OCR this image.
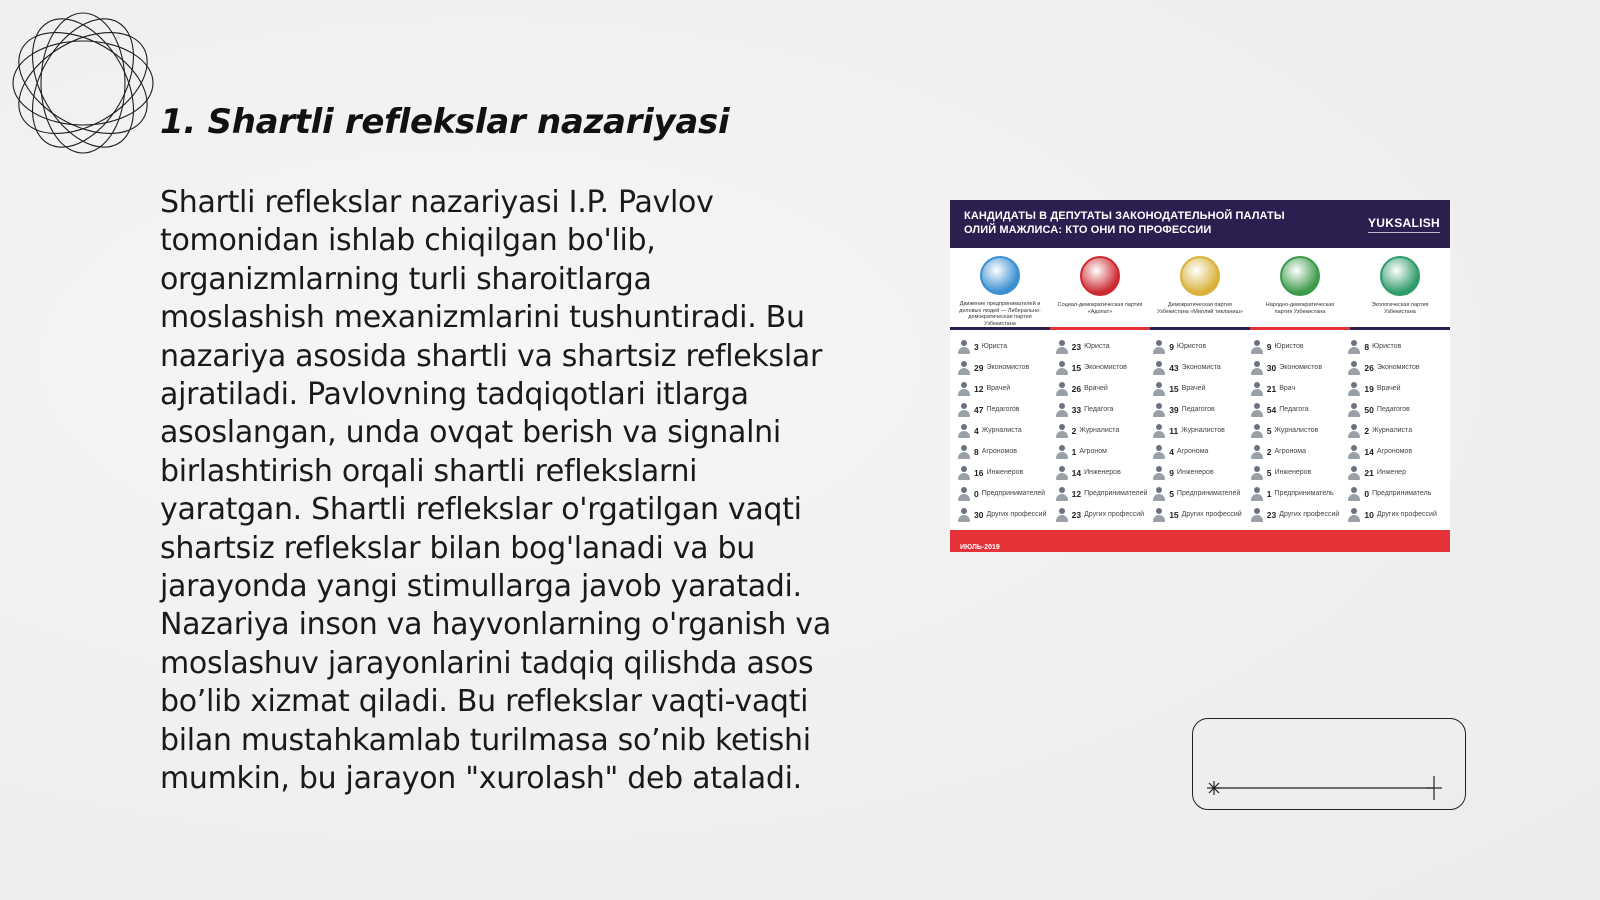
1. Shartli reflekslar nazariyasi
Shartli reflekslar nazariyasi I.P. Pavlov
tomonidan ishlab chiqilgan bo'lib,
organizmlarning turli sharoitlarga
moslashish mexanizmlarini tushuntiradi. Bu
nazariya asosida shartli va shartsiz reflekslar
ajratiladi. Pavlovning tadqiqotlari itlarga
asoslangan, unda ovqat berish va signalni
birlashtirish orqali shartli reflekslarni
yaratgan. Shartli reflekslar o'rgatilgan vaqti
shartsiz reflekslar bilan bog'lanadi va bu
jarayonda yangi stimullarga javob yaratadi.
Nazariya inson va hayvonlarning o'rganish va
moslashuv jarayonlarini tadqiq qilishda asos
bo’lib xizmat qiladi. Bu reflekslar vaqti-vaqti
bilan mustahkamlab turilmasa so’nib ketishi
mumkin, bu jarayon "xurolash" deb ataladi.
КАНДИДАТЫ В ДЕПУТАТЫ ЗАКОНОДАТЕЛЬНОЙ ПАЛАТЫ
ОЛИЙ МАЖЛИСА: КТО ОНИ ПО ПРОФЕССИИ	YUKSALISH
Движение предпринимателей и деловых людей — Либерально-демократическая партия Узбекистана
Социал-демократическая партия «Адолат»
Демократическая партия Узбекистана «Миллий тикланиш»
Народно-демократическая партия Узбекистана
Экологическая партия Узбекистана
3 Юриста
29 Экономистов
12 Врачей
47 Педагогов
4 Журналиста
8 Агрономов
16 Инженеров
0 Предпринимателей
30 Других профессий
23 Юриста
15 Экономистов
26 Врачей
33 Педагога
2 Журналиста
1 Агроном
14 Инженеров
12 Предпринимателей
23 Других профессий
9 Юристов
43 Экономиста
15 Врачей
39 Педагогов
11 Журналистов
4 Агронома
9 Инженеров
5 Предпринимателей
15 Других профессий
9 Юристов
30 Экономистов
21 Врач
54 Педагога
5 Журналистов
2 Агронома
5 Инженеров
1 Предприниматель
23 Других профессий
8 Юристов
26 Экономистов
19 Врачей
50 Педагогов
2 Журналиста
14 Агрономов
21 Инженер
0 Предприниматель
10 Других профессий
ИЮЛЬ-2019
